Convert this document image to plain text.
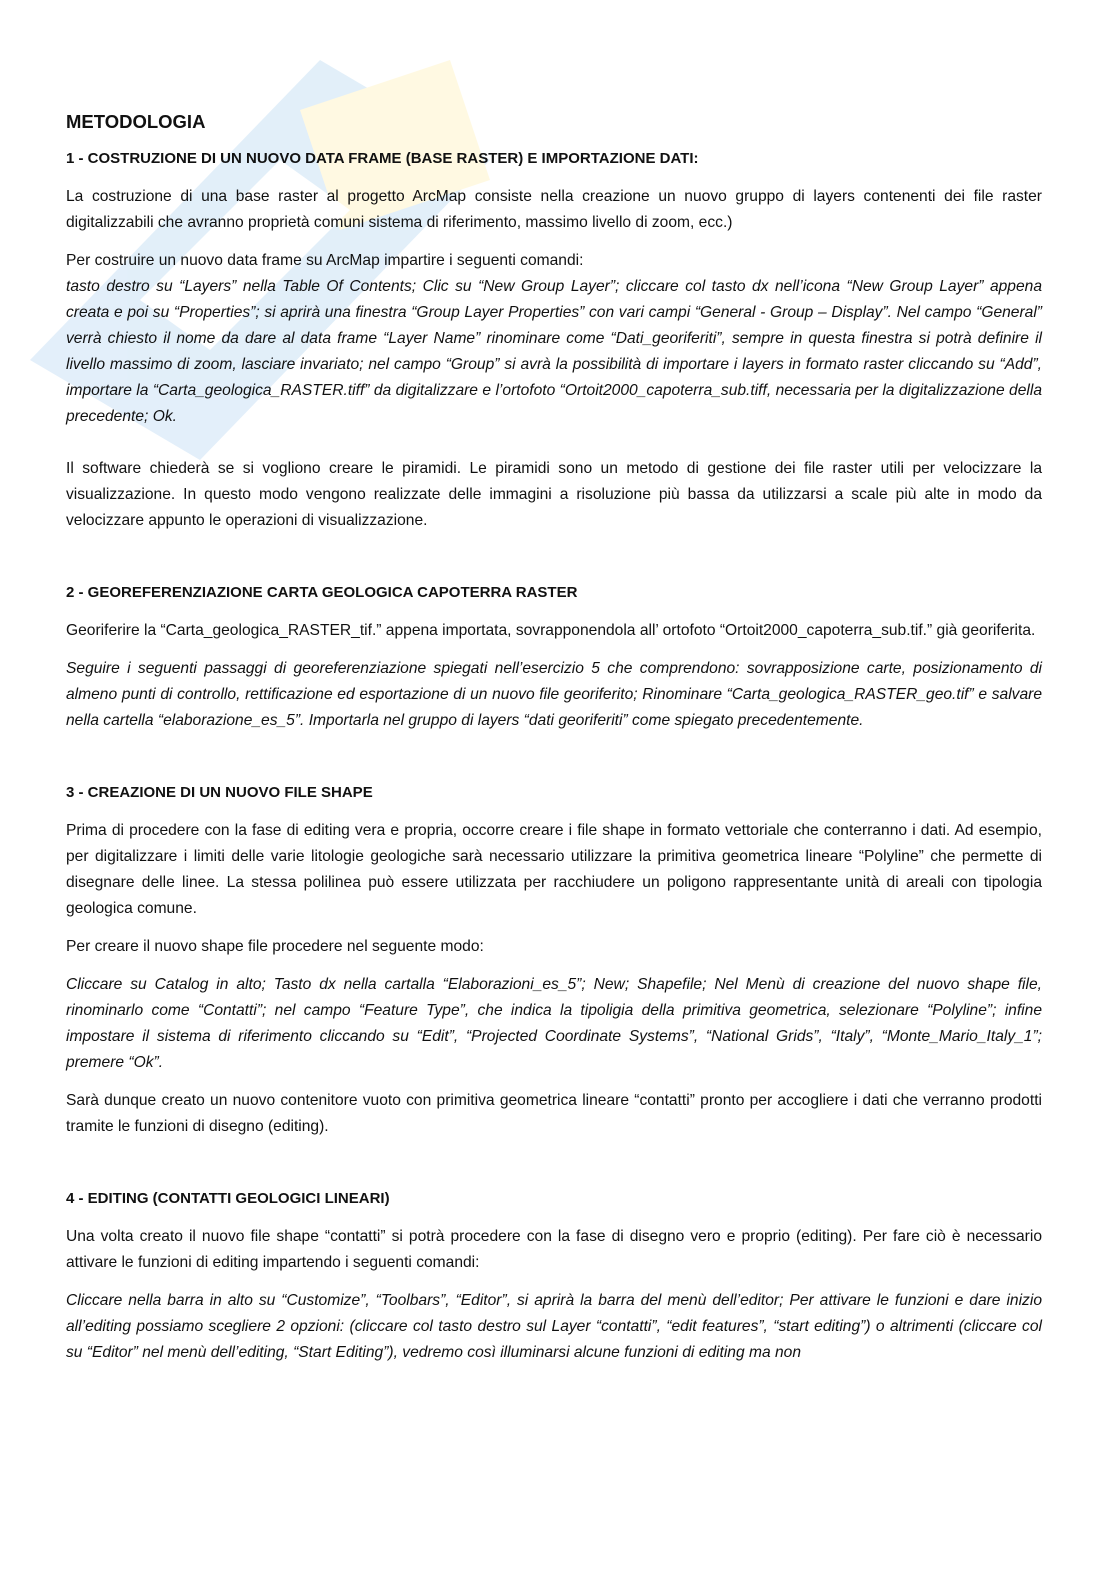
METODOLOGIA
1 - COSTRUZIONE DI UN NUOVO DATA FRAME (BASE RASTER) E IMPORTAZIONE DATI:

La costruzione di una base raster al progetto ArcMap consiste nella creazione un nuovo gruppo di layers contenenti dei file raster digitalizzabili che avranno proprietà comuni sistema di riferimento, massimo livello di zoom, ecc.)

Per costruire un nuovo data frame su ArcMap impartire i seguenti comandi:

tasto destro su “Layers” nella Table Of Contents; Clic su “New Group Layer”; cliccare col tasto dx nell’icona “New Group Layer” appena creata e poi su “Properties”; si aprirà una finestra “Group Layer Properties” con vari campi “General - Group – Display”. Nel campo “General” verrà chiesto il nome da dare al data frame “Layer Name” rinominare come “Dati_georiferiti”, sempre in questa finestra si potrà definire il livello massimo di zoom, lasciare invariato; nel campo “Group” si avrà la possibilità di importare i layers in formato raster cliccando su “Add”, importare la “Carta_geologica_RASTER.tiff” da digitalizzare e l’ortofoto “Ortoit2000_capoterra_sub.tiff, necessaria per la digitalizzazione della precedente; Ok.

Il software chiederà se si vogliono creare le piramidi. Le piramidi sono un metodo di gestione dei file raster utili per velocizzare la visualizzazione. In questo modo vengono realizzate delle immagini a risoluzione più bassa da utilizzarsi a scale più alte in modo da velocizzare appunto le operazioni di visualizzazione.

2 - GEOREFERENZIAZIONE CARTA GEOLOGICA CAPOTERRA RASTER

Georiferire la “Carta_geologica_RASTER_tif.” appena importata, sovrapponendola all’ ortofoto “Ortoit2000_capoterra_sub.tif.” già georiferita.

Seguire i seguenti passaggi di georeferenziazione spiegati nell’esercizio 5 che comprendono: sovrapposizione carte, posizionamento di almeno punti di controllo, rettificazione ed esportazione di un nuovo file georiferito; Rinominare “Carta_geologica_RASTER_geo.tif” e salvare nella cartella “elaborazione_es_5”. Importarla nel gruppo di layers “dati georiferiti” come spiegato precedentemente.

3 - CREAZIONE DI UN NUOVO FILE SHAPE

Prima di procedere con la fase di editing vera e propria, occorre creare i file shape in formato vettoriale che conterranno i dati. Ad esempio, per digitalizzare i limiti delle varie litologie geologiche sarà necessario utilizzare la primitiva geometrica lineare “Polyline” che permette di disegnare delle linee. La stessa polilinea può essere utilizzata per racchiudere un poligono rappresentante unità di areali con tipologia geologica comune.

Per creare il nuovo shape file procedere nel seguente modo:

Cliccare su Catalog in alto; Tasto dx nella cartalla “Elaborazioni_es_5”; New; Shapefile; Nel Menù di creazione del nuovo shape file, rinominarlo come “Contatti”; nel campo “Feature Type”, che indica la tipoligia della primitiva geometrica, selezionare “Polyline”; infine impostare il sistema di riferimento cliccando su “Edit”, “Projected Coordinate Systems”, “National Grids”, “Italy”, “Monte_Mario_Italy_1”; premere “Ok”.

Sarà dunque creato un nuovo contenitore vuoto con primitiva geometrica lineare “contatti” pronto per accogliere i dati che verranno prodotti tramite le funzioni di disegno (editing).

4 - EDITING (CONTATTI GEOLOGICI LINEARI)

Una volta creato il nuovo file shape “contatti” si potrà procedere con la fase di disegno vero e proprio (editing). Per fare ciò è necessario attivare le funzioni di editing impartendo i seguenti comandi:

Cliccare nella barra in alto su “Customize”, “Toolbars”, “Editor”, si aprirà la barra del menù dell’editor; Per attivare le funzioni e dare inizio all’editing possiamo scegliere 2 opzioni: (cliccare col tasto destro sul Layer “contatti”, “edit features”, “start editing”) o altrimenti (cliccare col su “Editor” nel menù dell’editing, “Start Editing”), vedremo così illuminarsi alcune funzioni di editing ma non
